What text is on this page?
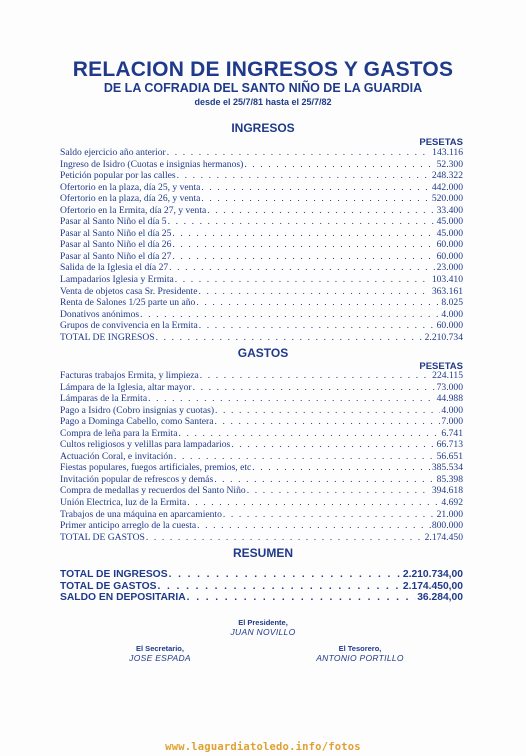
RELACION DE INGRESOS Y GASTOS
DE LA COFRADIA DEL SANTO NIÑO DE LA GUARDIA
desde el 25/7/81 hasta el 25/7/82
INGRESOS
PESETAS
Saldo ejercicio año anterior . . .	143.116
Ingreso de Isidro (Cuotas e insignias hermanos) . . .	52.300
Petición popular por las calles . . .	248.322
Ofertorio en la plaza, día 25, y venta . . .	442.000
Ofertorio en la plaza, día 26, y venta . . .	520.000
Ofertorio en la Ermita, día 27, y venta . . .	33.400
Pasar al Santo Niño el día 5 . . .	45.000
Pasar al Santo Niño el día 25 . . .	45.000
Pasar al Santo Niño el día 26 . . .	60.000
Pasar al Santo Niño el día 27 . . .	60.000
Salida de la Iglesia el día 27 . . .	23.000
Lampadarios Iglesia y Ermita . . .	103.410
Venta de objetos casa Sr. Presidente . . .	363.161
Renta de Salones 1/25 parte un año . . .	8.025
Donativos anónimos . . .	4.000
Grupos de convivencia en la Ermita . . .	60.000
TOTAL DE INGRESOS . . .	2.210.734
GASTOS
PESETAS
Facturas trabajos Ermita, y limpieza . . .	224.115
Lámpara de la Iglesia, altar mayor . . .	73.000
Lámparas de la Ermita . . .	44.988
Pago a Isidro (Cobro insignias y cuotas) . . .	4.000
Pago a Dominga Cabello, como Santera . . .	7.000
Compra de leña para la Ermita . . .	6.741
Cultos religiosos y velillas para lampadarios . . .	66.713
Actuación Coral, e invitación . . .	56.651
Fiestas populares, fuegos artificiales, premios, etc . . .	385.534
Invitación popular de refrescos y demás . . .	85.398
Compra de medallas y recuerdos del Santo Niño . . .	394.618
Unión Electrica, luz de la Ermita . . .	4.692
Trabajos de una máquina en aparcamiento . . .	21.000
Primer anticipo arreglo de la cuesta . . .	800.000
TOTAL DE GASTOS . . .	2.174.450
RESUMEN
TOTAL DE INGRESOS . . .	2.210.734,00
TOTAL DE GASTOS . . .	2.174.450,00
SALDO EN DEPOSITARIA . . .	36.284,00
El Presidente,
JUAN NOVILLO
El Secretario,
JOSE ESPADA
El Tesorero,
ANTONIO PORTILLO
www.laguardiatoledo.info/fotos
